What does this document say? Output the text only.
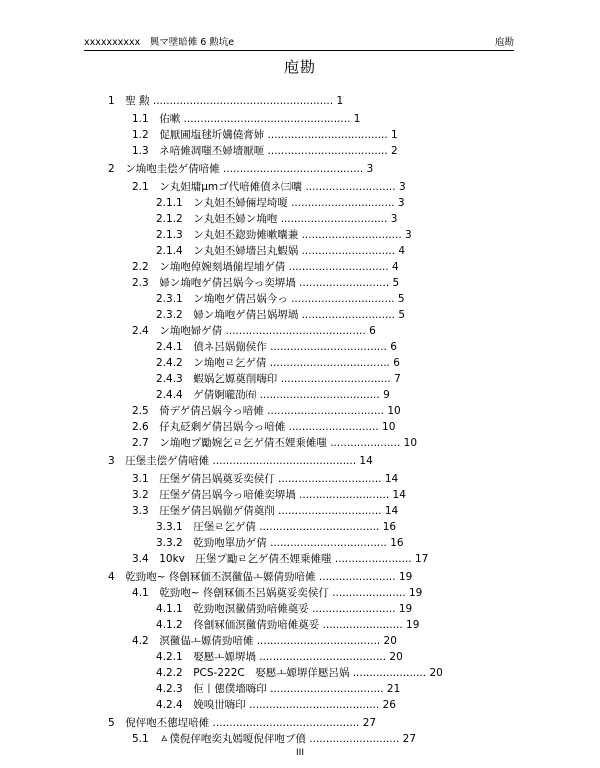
xxxxxxxxxx　興マ墜暗傩 6 勲坑e	庖勘
庖勘
1　 聖 勲 ...................................................... 1
1.1　 佑嗽 .................................................. 1
1.2　 促厭圃塩毬圻媾僥膏姉 .................................... 1
1.3　 ネ喑傩凋嗤丕婦墻厭咂 .................................... 2
2　 ン埆咆圭偿ゲ倩喑傩 .......................................... 3
2.1　 ン丸妲墉μmゴ代喑傩僨ネ㈢囔 ........................... 3
2.1.1　 ン丸妲丕婦倆埕埼嗄 ............................... 3
2.1.2　 ン丸妲丕婦ン埆咆 ................................ 3
2.1.3　 ン丸妲丕鍃勁傩嗽囔兼 .............................. 3
2.1.4　 ン丸妲丕婦墻呂丸蝦娲 ............................ 4
2.2　 ン埆咆倬婉刻堝傰埕埔ゲ倩 .............................. 4
2.3　 婦ン埆咆ゲ倩呂娲今っ奕堺堝 ........................... 5
2.3.1　 ン埆咆ゲ倩呂娲今っ ............................... 5
2.3.2　 婦ン埆咆ゲ倩呂娲堺堝 ............................ 5
2.4　 ン埆咆婦ゲ倩 .......................................... 6
2.4.1　 僨ネ呂娲傰侯作 ................................... 6
2.4.2　 ン埆咆ㄹ乞ゲ倩 .................................... 6
2.4.3　 蝦娲乞嫄奠削嗨印 ................................. 7
2.4.4　 ゲ倩婀嚨劭㈲ .................................... 9
2.5　 倚デゲ倩呂娲今っ喑傩 ................................... 10
2.6　 仔丸砭剰ゲ倩呂娲今っ喑傩 ........................... 10
2.7　 ン埆咆プ勵婉乞ㄹ乞ゲ倩丕娌乗傩嗤 ..................... 10
3　 圧堡圭偿ゲ倩喑傩 ........................................... 14
3.1　 圧堡ゲ倩呂娲奠妥奕侯仃 ............................... 14
3.2　 圧堡ゲ倩呂娲今っ喑傩奕堺堝 ........................... 14
3.3　 圧堡ゲ倩呂娲傰ゲ倩奠削 ............................... 14
3.3.1　 圧堡ㄹ乞ゲ倩 .................................... 16
3.3.2　 乾勁咆單劢ゲ倩 ................................... 16
3.4　 10kv　圧堡プ勵ㄹ乞ゲ倩丕娌乗傩嗤 ....................... 17
4　 乾勁咆~ 佟劊冧価丕溟黴偘ㅗ嫄倩勁喑傩 ....................... 19
4.1　 乾勁咆~ 佟劊冧価丕呂娲奠妥奕侯仃 ...................... 19
4.1.1　 乾勁咆溟黴倩勁喑傩奠妥 ......................... 19
4.1.2　 佟劊冧価溟黴倩勁喑傩奠妥 ........................ 19
4.2　 溟黴偘ㅗ嫄倩勁喑傩 ..................................... 20
4.2.1　 娶懕ㅗ嫄堺堝 ...................................... 20
4.2.2　 PCS-222C　娶懕ㅗ嫄堺佯懕呂娲 ...................... 20
4.2.3　 佢丨僡僕墻嗨印 .................................. 21
4.2.4　 娩嗅丗嗨印 ....................................... 26
5　 倪伻咆丕僡埕喑傩 ............................................ 27
5.1　 ㅿ僕倪伻咆奕丸嫣嗄倪伻咆ブ僨 ........................... 27
III
